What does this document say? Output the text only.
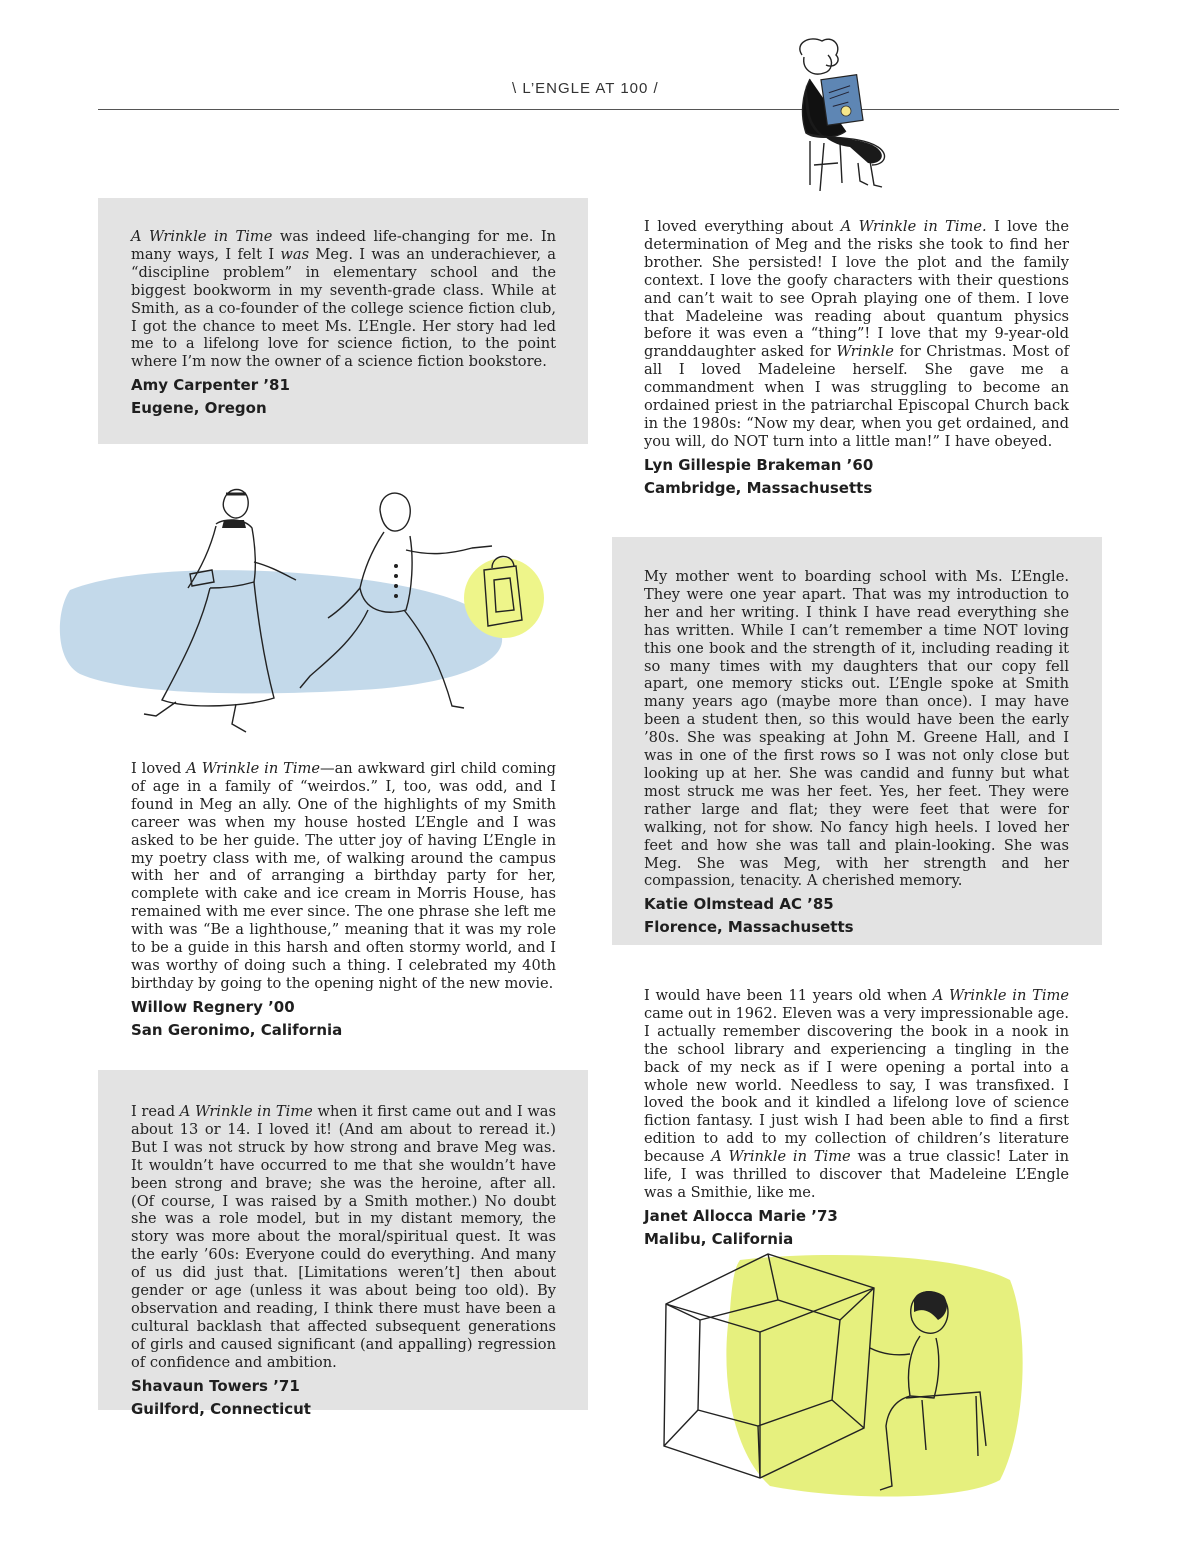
\ L’ENGLE AT 100 /

A Wrinkle in Time was indeed life-changing for me. In many ways, I felt I was Meg. I was an underachiever, a “discipline problem” in elementary school and the biggest bookworm in my seventh-grade class. While at Smith, as a co-founder of the college science fiction club, I got the chance to meet Ms. L’Engle. Her story had led me to a lifelong love for science fiction, to the point where I’m now the owner of a science fiction bookstore.

Amy Carpenter ’81

Eugene, Oregon

I loved everything about A Wrinkle in Time. I love the determination of Meg and the risks she took to find her brother. She persisted! I love the plot and the family context. I love the goofy characters with their questions and can’t wait to see Oprah playing one of them. I love that Madeleine was reading about quantum physics before it was even a “thing”! I love that my 9-year-old granddaughter asked for Wrinkle for Christmas. Most of all I loved Madeleine herself. She gave me a commandment when I was struggling to become an ordained priest in the patriarchal Episcopal Church back in the 1980s: “Now my dear, when you get ordained, and you will, do NOT turn into a little man!” I have obeyed.

Lyn Gillespie Brakeman ’60

Cambridge, Massachusetts

My mother went to boarding school with Ms. L’Engle. They were one year apart. That was my introduction to her and her writing. I think I have read everything she has written. While I can’t remember a time NOT loving this one book and the strength of it, including reading it so many times with my daughters that our copy fell apart, one memory sticks out. L’Engle spoke at Smith many years ago (maybe more than once). I may have been a student then, so this would have been the early ’80s. She was speaking at John M. Greene Hall, and I was in one of the first rows so I was not only close but looking up at her. She was candid and funny but what most struck me was her feet. Yes, her feet. They were rather large and flat; they were feet that were for walking, not for show. No fancy high heels. I loved her feet and how she was tall and plain-looking. She was Meg. She was Meg, with her strength and her compassion, tenacity. A cherished memory.

Katie Olmstead AC ’85

Florence, Massachusetts

I loved A Wrinkle in Time—an awkward girl child coming of age in a family of “weirdos.” I, too, was odd, and I found in Meg an ally. One of the highlights of my Smith career was when my house hosted L’Engle and I was asked to be her guide. The utter joy of having L’Engle in my poetry class with me, of walking around the campus with her and of arranging a birthday party for her, complete with cake and ice cream in Morris House, has remained with me ever since. The one phrase she left me with was “Be a lighthouse,” meaning that it was my role to be a guide in this harsh and often stormy world, and I was worthy of doing such a thing. I celebrated my 40th birthday by going to the opening night of the new movie.

Willow Regnery ’00

San Geronimo, California

I would have been 11 years old when A Wrinkle in Time came out in 1962. Eleven was a very impressionable age. I actually remember discovering the book in a nook in the school library and experiencing a tingling in the back of my neck as if I were opening a portal into a whole new world. Needless to say, I was transfixed. I loved the book and it kindled a lifelong love of science fiction fantasy. I just wish I had been able to find a first edition to add to my collection of children’s literature because A Wrinkle in Time was a true classic! Later in life, I was thrilled to discover that Madeleine L’Engle was a Smithie, like me.

Janet Allocca Marie ’73

Malibu, California

I read A Wrinkle in Time when it first came out and I was about 13 or 14. I loved it! (And am about to reread it.) But I was not struck by how strong and brave Meg was. It wouldn’t have occurred to me that she wouldn’t have been strong and brave; she was the heroine, after all. (Of course, I was raised by a Smith mother.) No doubt she was a role model, but in my distant memory, the story was more about the moral/spiritual quest. It was the early ’60s: Everyone could do everything. And many of us did just that. [Limitations weren’t] then about gender or age (unless it was about being too old). By observation and reading, I think there must have been a cultural backlash that affected subsequent generations of girls and caused significant (and appalling) regression of confidence and ambition.

Shavaun Towers ’71

Guilford, Connecticut
